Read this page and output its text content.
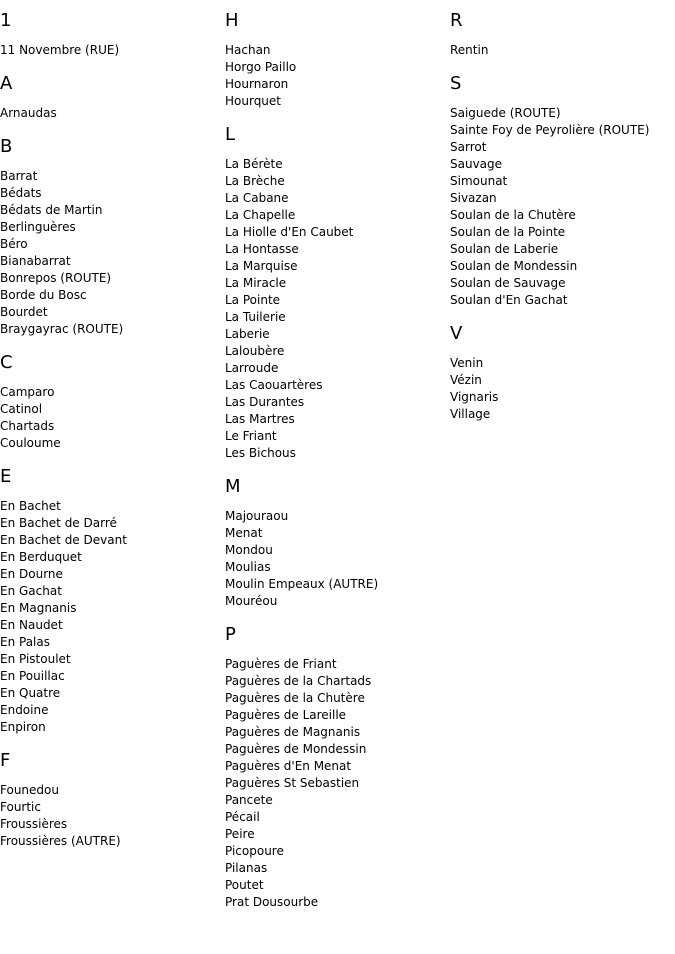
1
11 Novembre (RUE)
A
Arnaudas
B
Barrat
Bédats
Bédats de Martin
Berlinguères
Béro
Bianabarrat
Bonrepos (ROUTE)
Borde du Bosc
Bourdet
Braygayrac (ROUTE)
C
Camparo
Catinol
Chartads
Couloume
E
En Bachet
En Bachet de Darré
En Bachet de Devant
En Berduquet
En Dourne
En Gachat
En Magnanis
En Naudet
En Palas
En Pistoulet
En Pouillac
En Quatre
Endoine
Enpiron
F
Founedou
Fourtic
Froussières
Froussières (AUTRE)
H
Hachan
Horgo Paillo
Hournaron
Hourquet
L
La Bérète
La Brèche
La Cabane
La Chapelle
La Hiolle d'En Caubet
La Hontasse
La Marquise
La Miracle
La Pointe
La Tuilerie
Laberie
Laloubère
Larroude
Las Caouartères
Las Durantes
Las Martres
Le Friant
Les Bichous
M
Majouraou
Menat
Mondou
Moulias
Moulin Empeaux (AUTRE)
Mouréou
P
Paguères de Friant
Paguères de la Chartads
Paguères de la Chutère
Paguères de Lareille
Paguères de Magnanis
Paguères de Mondessin
Paguères d'En Menat
Paguères St Sebastien
Pancete
Pécail
Peire
Picopoure
Pilanas
Poutet
Prat Dousourbe
R
Rentin
S
Saiguede (ROUTE)
Sainte Foy de Peyrolière (ROUTE)
Sarrot
Sauvage
Simounat
Sivazan
Soulan de la Chutère
Soulan de la Pointe
Soulan de Laberie
Soulan de Mondessin
Soulan de Sauvage
Soulan d'En Gachat
V
Venin
Vézin
Vignaris
Village
